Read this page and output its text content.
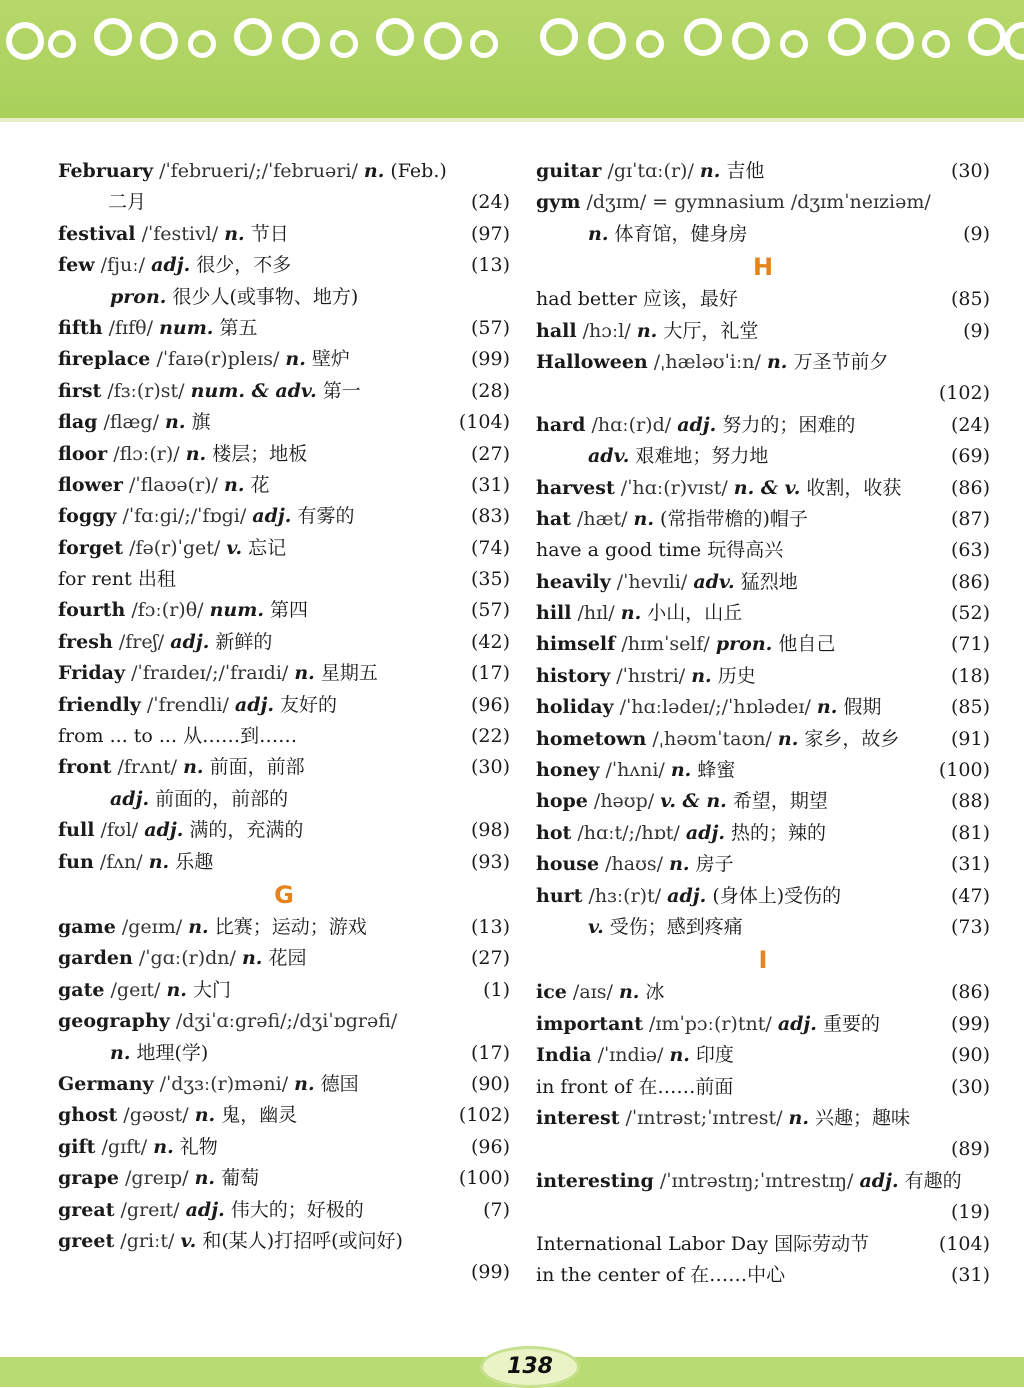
February /ˈfebrueri/;/ˈfebruəri/ n. (Feb.)
二月	(24)
festival /ˈfestivl/ n. 节日	(97)
few /fjuː/ adj. 很少，不多	(13)
pron. 很少人(或事物、地方)
fifth /fɪfθ/ num. 第五	(57)
fireplace /ˈfaɪə(r)pleɪs/ n. 壁炉	(99)
first /fɜː(r)st/ num. & adv. 第一	(28)
flag /flæg/ n. 旗	(104)
floor /flɔː(r)/ n. 楼层；地板	(27)
flower /ˈflaʊə(r)/ n. 花	(31)
foggy /ˈfɑːgi/;/ˈfɒgi/ adj. 有雾的	(83)
forget /fə(r)ˈget/ v. 忘记	(74)
for rent 出租	(35)
fourth /fɔː(r)θ/ num. 第四	(57)
fresh /freʃ/ adj. 新鲜的	(42)
Friday /ˈfraɪdeɪ/;/ˈfraɪdi/ n. 星期五	(17)
friendly /ˈfrendli/ adj. 友好的	(96)
from ... to ... 从……到……	(22)
front /frʌnt/ n. 前面，前部	(30)
adj. 前面的，前部的
full /fʊl/ adj. 满的，充满的	(98)
fun /fʌn/ n. 乐趣	(93)
G
game /geɪm/ n. 比赛；运动；游戏	(13)
garden /ˈgɑː(r)dn/ n. 花园	(27)
gate /geɪt/ n. 大门	(1)
geography /dʒiˈɑːgrəfi/;/dʒiˈɒgrəfi/
n. 地理(学)	(17)
Germany /ˈdʒɜː(r)məni/ n. 德国	(90)
ghost /gəʊst/ n. 鬼，幽灵	(102)
gift /gɪft/ n. 礼物	(96)
grape /greɪp/ n. 葡萄	(100)
great /greɪt/ adj. 伟大的；好极的	(7)
greet /griːt/ v. 和(某人)打招呼(或问好)
(99)
guitar /gɪˈtɑː(r)/ n. 吉他	(30)
gym /dʒɪm/ = gymnasium /dʒɪmˈneɪziəm/
n. 体育馆，健身房	(9)
H
had better 应该，最好	(85)
hall /hɔːl/ n. 大厅，礼堂	(9)
Halloween /ˌhæləʊˈiːn/ n. 万圣节前夕
(102)
hard /hɑː(r)d/ adj. 努力的；困难的	(24)
adv. 艰难地；努力地	(69)
harvest /ˈhɑː(r)vɪst/ n. & v. 收割，收获	(86)
hat /hæt/ n. (常指带檐的)帽子	(87)
have a good time 玩得高兴	(63)
heavily /ˈhevɪli/ adv. 猛烈地	(86)
hill /hɪl/ n. 小山，山丘	(52)
himself /hɪmˈself/ pron. 他自己	(71)
history /ˈhɪstri/ n. 历史	(18)
holiday /ˈhɑːlədeɪ/;/ˈhɒlədeɪ/ n. 假期	(85)
hometown /ˌhəʊmˈtaʊn/ n. 家乡，故乡	(91)
honey /ˈhʌni/ n. 蜂蜜	(100)
hope /həʊp/ v. & n. 希望，期望	(88)
hot /hɑːt/;/hɒt/ adj. 热的；辣的	(81)
house /haʊs/ n. 房子	(31)
hurt /hɜː(r)t/ adj. (身体上)受伤的	(47)
v. 受伤；感到疼痛	(73)
I
ice /aɪs/ n. 冰	(86)
important /ɪmˈpɔː(r)tnt/ adj. 重要的	(99)
India /ˈɪndiə/ n. 印度	(90)
in front of 在……前面	(30)
interest /ˈɪntrəst;ˈɪntrest/ n. 兴趣；趣味
(89)
interesting /ˈɪntrəstɪŋ;ˈɪntrestɪŋ/ adj. 有趣的
(19)
International Labor Day 国际劳动节	(104)
in the center of 在……中心	(31)
138
